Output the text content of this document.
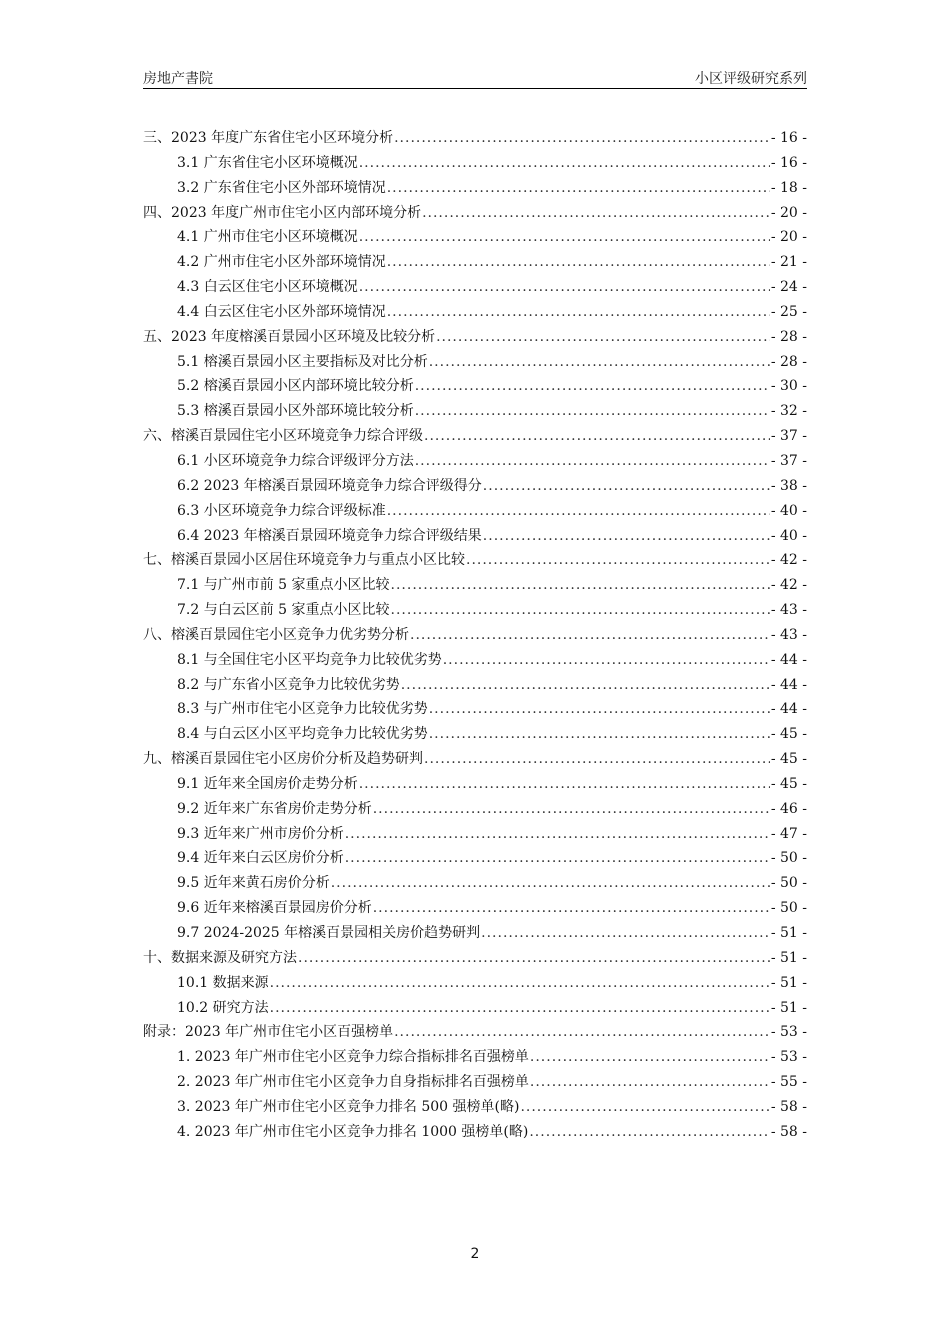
房地产書院	小区评级研究系列
三、2023 年度广东省住宅小区环境分析 .....	- 16 -
3.1 广东省住宅小区环境概况 .....	- 16 -
3.2 广东省住宅小区外部环境情况 .....	- 18 -
四、2023 年度广州市住宅小区内部环境分析 .....	- 20 -
4.1 广州市住宅小区环境概况 .....	- 20 -
4.2 广州市住宅小区外部环境情况 .....	- 21 -
4.3 白云区住宅小区环境概况 .....	- 24 -
4.4 白云区住宅小区外部环境情况 .....	- 25 -
五、2023 年度榕溪百景园小区环境及比较分析 .....	- 28 -
5.1 榕溪百景园小区主要指标及对比分析 .....	- 28 -
5.2 榕溪百景园小区内部环境比较分析 .....	- 30 -
5.3 榕溪百景园小区外部环境比较分析 .....	- 32 -
六、榕溪百景园住宅小区环境竞争力综合评级 .....	- 37 -
6.1 小区环境竞争力综合评级评分方法 .....	- 37 -
6.2 2023 年榕溪百景园环境竞争力综合评级得分 .....	- 38 -
6.3 小区环境竞争力综合评级标准 .....	- 40 -
6.4 2023 年榕溪百景园环境竞争力综合评级结果 .....	- 40 -
七、榕溪百景园小区居住环境竞争力与重点小区比较 .....	- 42 -
7.1 与广州市前 5 家重点小区比较 .....	- 42 -
7.2 与白云区前 5 家重点小区比较 .....	- 43 -
八、榕溪百景园住宅小区竞争力优劣势分析 .....	- 43 -
8.1 与全国住宅小区平均竞争力比较优劣势 .....	- 44 -
8.2 与广东省小区竞争力比较优劣势 .....	- 44 -
8.3 与广州市住宅小区竞争力比较优劣势 .....	- 44 -
8.4 与白云区小区平均竞争力比较优劣势 .....	- 45 -
九、榕溪百景园住宅小区房价分析及趋势研判 .....	- 45 -
9.1 近年来全国房价走势分析 .....	- 45 -
9.2 近年来广东省房价走势分析 .....	- 46 -
9.3 近年来广州市房价分析 .....	- 47 -
9.4 近年来白云区房价分析 .....	- 50 -
9.5 近年来黄石房价分析 .....	- 50 -
9.6 近年来榕溪百景园房价分析 .....	- 50 -
9.7 2024-2025 年榕溪百景园相关房价趋势研判 .....	- 51 -
十、数据来源及研究方法 .....	- 51 -
10.1 数据来源 .....	- 51 -
10.2 研究方法 .....	- 51 -
附录：2023 年广州市住宅小区百强榜单 .....	- 53 -
1. 2023 年广州市住宅小区竞争力综合指标排名百强榜单 .....	- 53 -
2. 2023 年广州市住宅小区竞争力自身指标排名百强榜单 .....	- 55 -
3. 2023 年广州市住宅小区竞争力排名 500 强榜单(略) .....	- 58 -
4. 2023 年广州市住宅小区竞争力排名 1000 强榜单(略) .....	- 58 -
2
